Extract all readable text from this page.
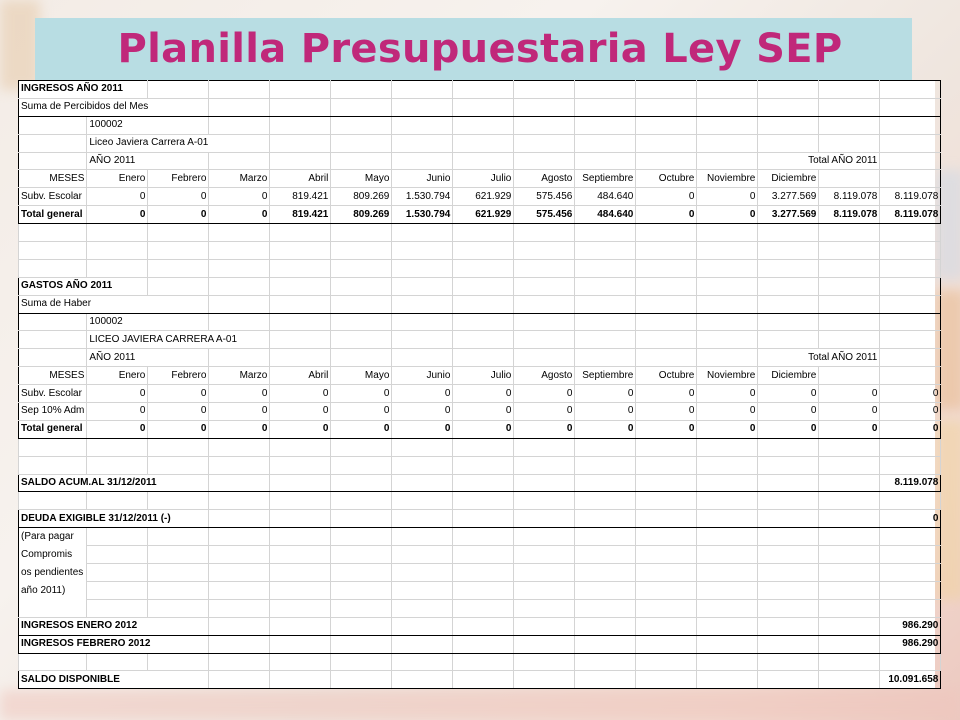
Planilla Presupuestaria Ley SEP
INGRESOS AÑO 2011														
Suma de Percibidos del Mes														
	100002													
	Liceo Javiera Carrera A-01													
	AÑO 2011											Total AÑO 2011		
MESES	Enero	Febrero	Marzo	Abril	Mayo	Junio	Julio	Agosto	Septiembre	Octubre	Noviembre	Diciembre		
Subv. Escolar	0	0	0	819.421	809.269	1.530.794	621.929	575.456	484.640	0	0	3.277.569	8.119.078	8.119.078
Total general	0	0	0	819.421	809.269	1.530.794	621.929	575.456	484.640	0	0	3.277.569	8.119.078	8.119.078

GASTOS AÑO 2011														
Suma de Haber														
	100002													
	LICEO JAVIERA CARRERA A-01													
	AÑO 2011											Total AÑO 2011		
MESES	Enero	Febrero	Marzo	Abril	Mayo	Junio	Julio	Agosto	Septiembre	Octubre	Noviembre	Diciembre		
Subv. Escolar	0	0	0	0	0	0	0	0	0	0	0	0	0	0
Sep 10% Adm	0	0	0	0	0	0	0	0	0	0	0	0	0	0
Total general	0	0	0	0	0	0	0	0	0	0	0	0	0	0

SALDO ACUM.AL 31/12/2011														8.119.078

DEUDA EXIGIBLE 31/12/2011 (-)														0
(Para pagar Compromis os pendientes año 2011)														

INGRESOS ENERO 2012														986.290
INGRESOS FEBRERO 2012														986.290

SALDO DISPONIBLE														10.091.658
